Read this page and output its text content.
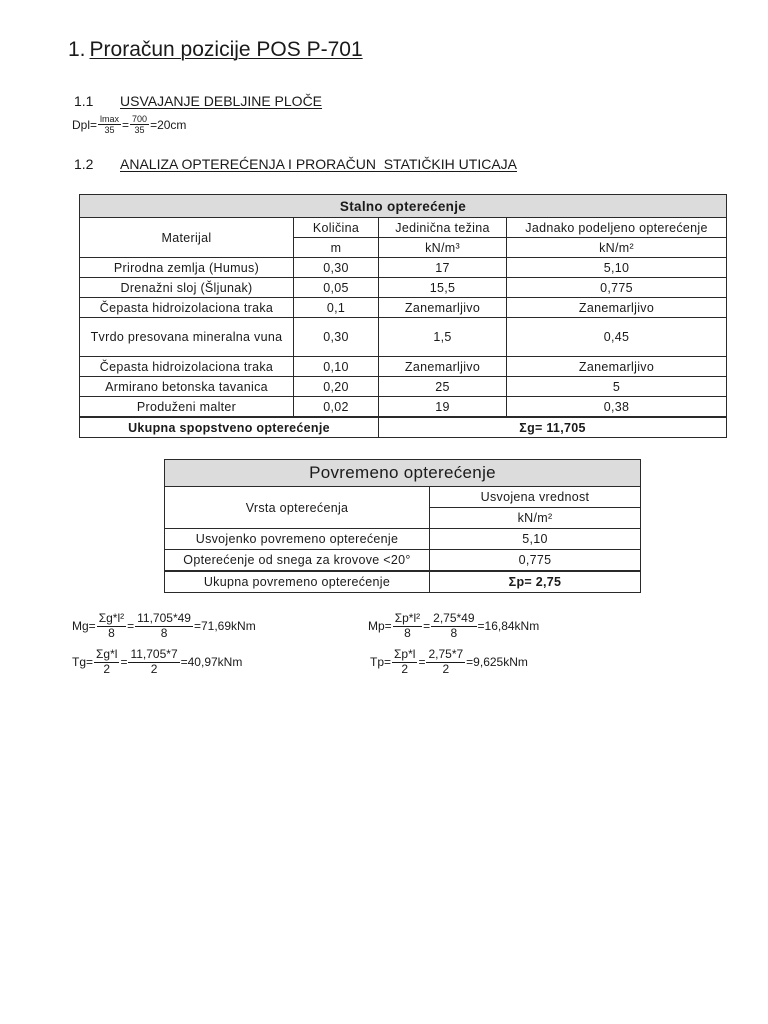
1. Proračun pozicije POS P-701
1.1 USVAJANJE DEBLJINE PLOČE
$Dpl= \frac{lmax}{35} = \frac{700}{35} =20cm$
1.2 ANALIZA OPTEREĆENJA I PRORAČUN  STATIČKIH UTICAJA
Stalno opterećenje			
Materijal	Količina	Jedinična težina	Jadnako podeljeno opterećenje
	m	kN/m³	kN/m²
Prirodna zemlja (Humus)	0,30	17	5,10
Drenažni sloj (Šljunak)	0,05	15,5	0,775
Čepasta hidroizolaciona traka	0,1	Zanemarljivo	Zanemarljivo
Tvrdo presovana mineralna vuna	0,30	1,5	0,45
Čepasta hidroizolaciona traka	0,10	Zanemarljivo	Zanemarljivo
Armirano betonska tavanica	0,20	25	5
Produženi malter	0,02	19	0,38
Ukupna spopstveno opterećenje		Σg= 11,705	
Povremeno opterećenje	
Vrsta opterećenja	Usvojena vrednost
	kN/m²
Usvojenko povremeno opterećenje	5,10
Opterećenje od snega za krovove <20°	0,775
Ukupna povremeno opterećenje	Σp= 2,75
$Mg= \frac{\text{Σg*l²}}{8} = \frac{11,705*49}{8} =71,69kNm$
$Tg= \frac{\Sigma g*l}{2} = \frac{11,705*7}{2} =40,97kNm$
$Mp= \frac{\text{Σp*l²}}{8} = \frac{2,75*49}{8} =16,84kNm$
$Tp= \frac{\Sigma p*l}{2} = \frac{2,75*7}{2} =9,625kNm$
